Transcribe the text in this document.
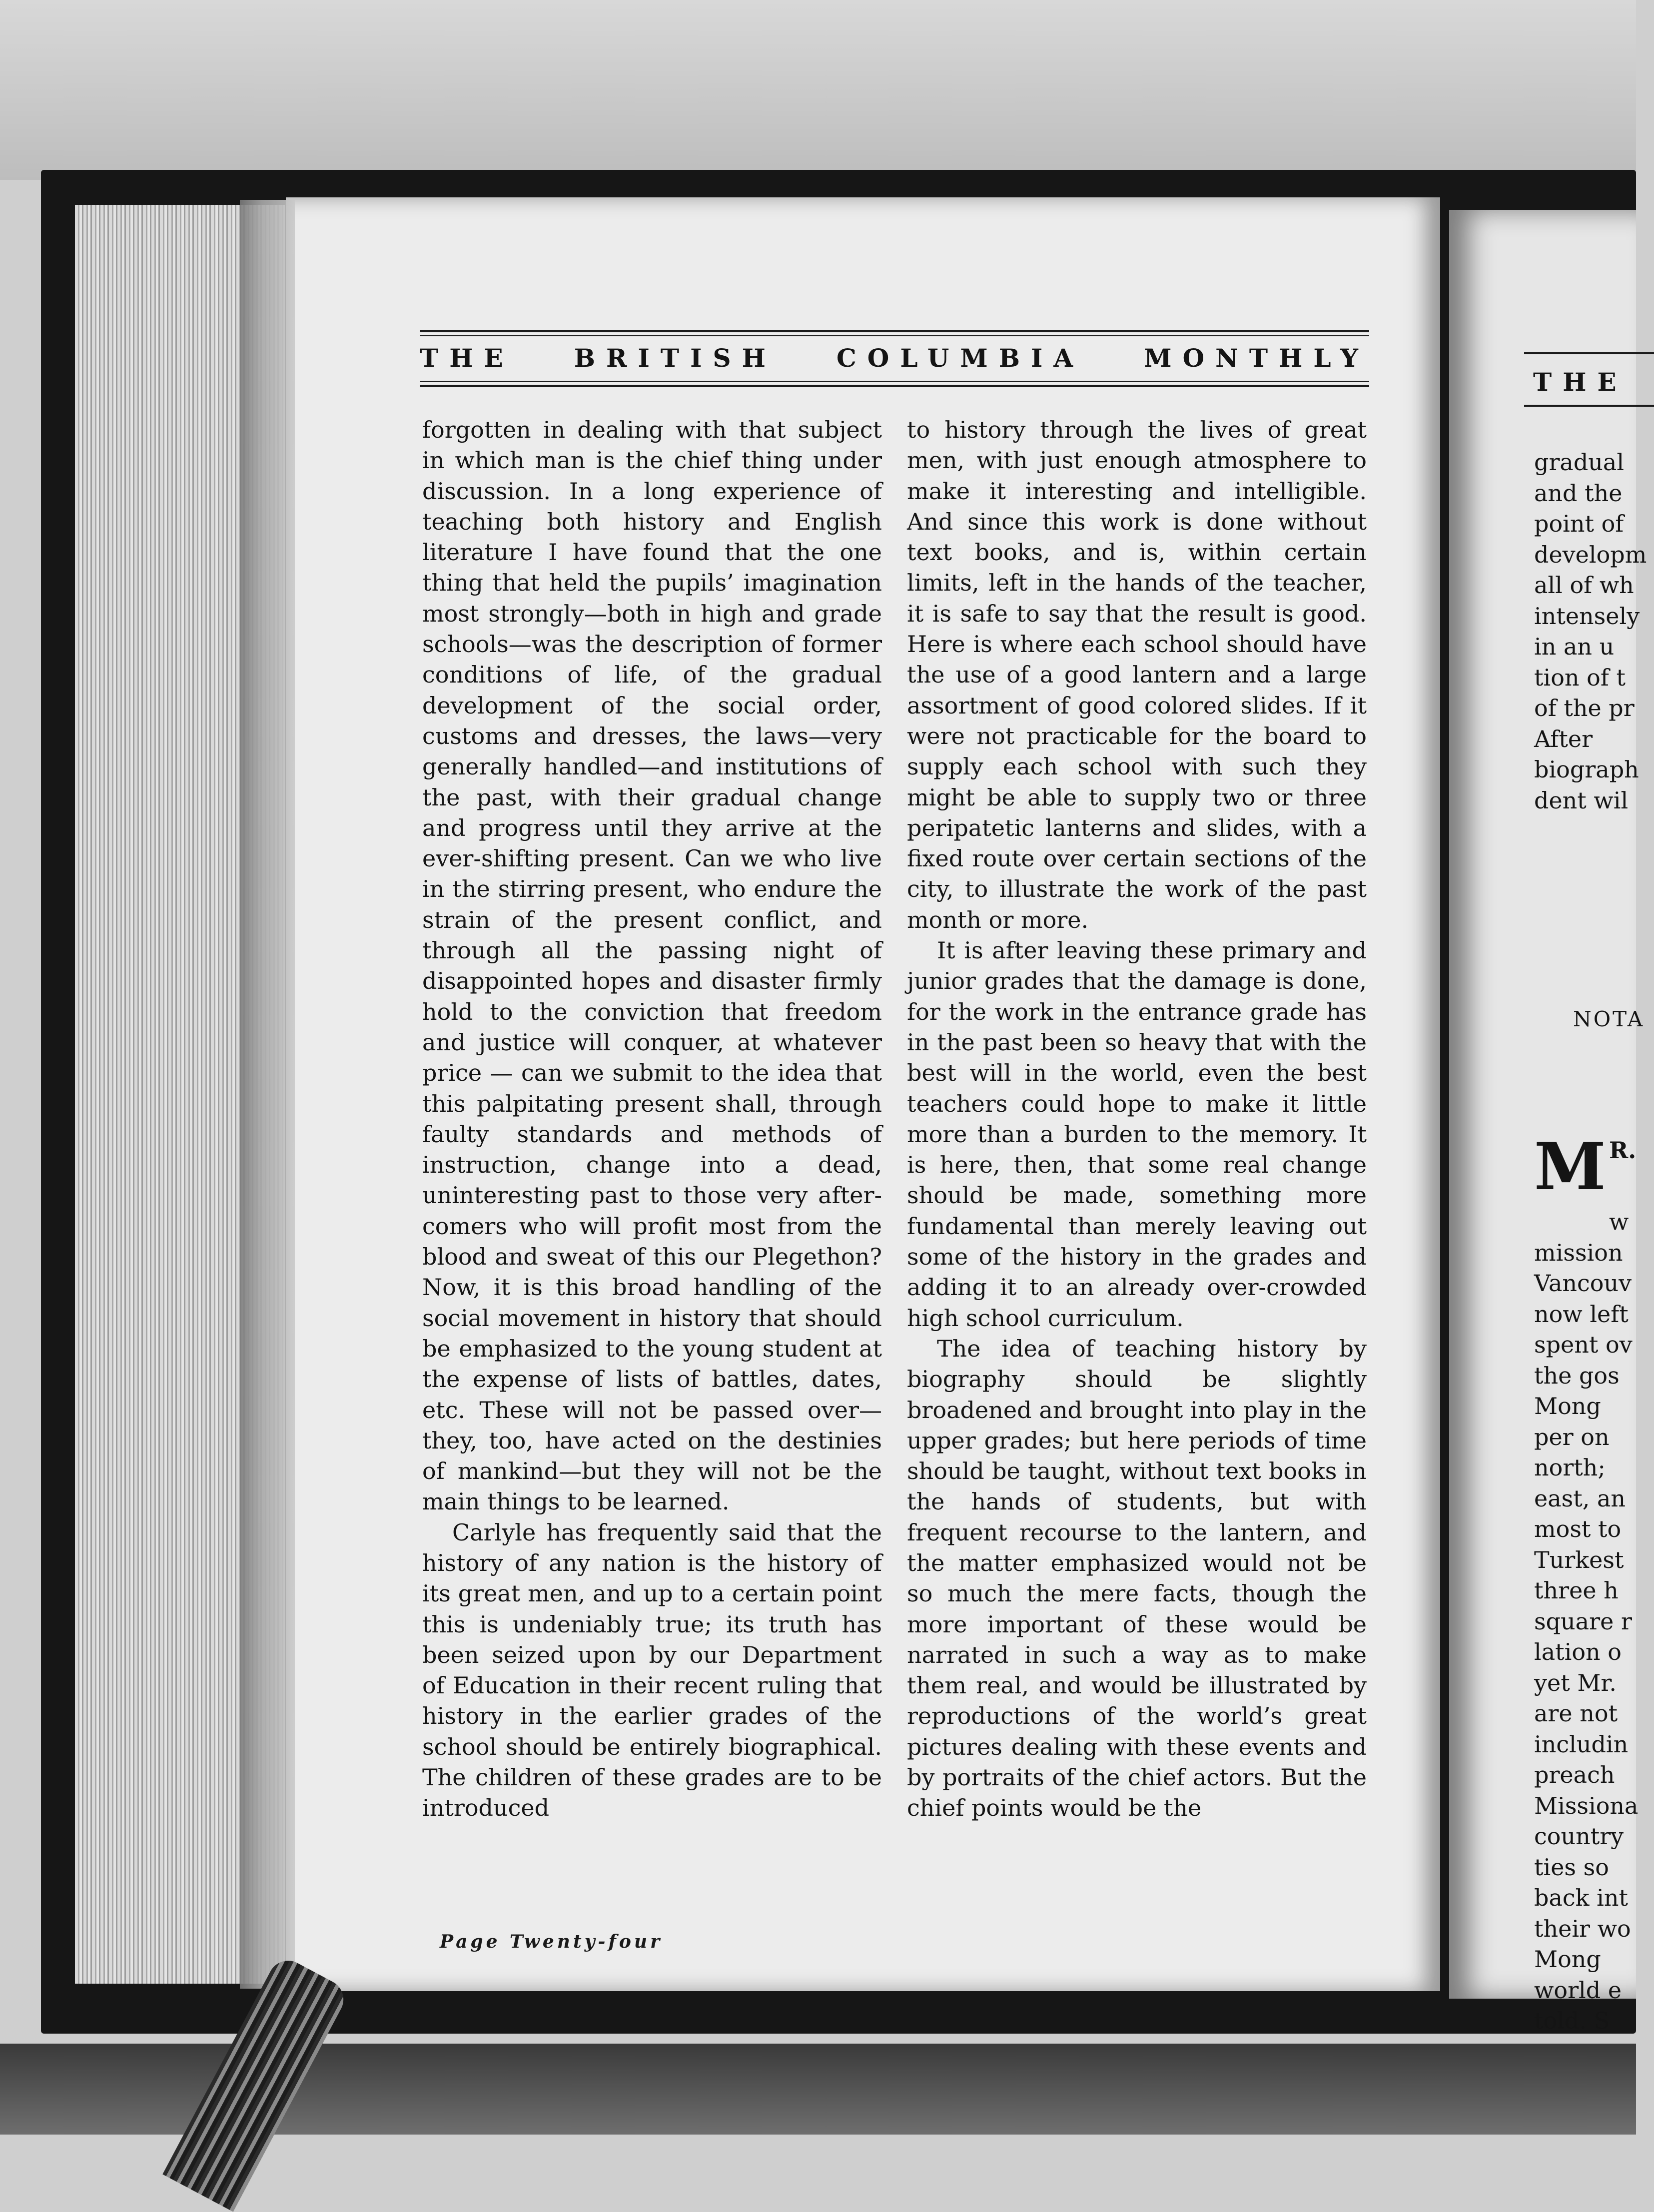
THE BRITISH COLUMBIA MONTHLY

forgotten in dealing with that subject in which man is the chief thing under discussion. In a long experience of teaching both history and English literature I have found that the one thing that held the pupils’ imagination most strongly—both in high and grade schools—was the description of former conditions of life, of the gradual development of the social order, customs and dresses, the laws—very generally handled—and institutions of the past, with their gradual change and progress until they arrive at the ever-shifting present. Can we who live in the stirring present, who endure the strain of the present conflict, and through all the passing night of disappointed hopes and disaster firmly hold to the conviction that freedom and justice will conquer, at whatever price — can we submit to the idea that this palpitating present shall, through faulty standards and methods of instruction, change into a dead, uninteresting past to those very after-comers who will profit most from the blood and sweat of this our Plegethon? Now, it is this broad handling of the social movement in history that should be emphasized to the young student at the expense of lists of battles, dates, etc. These will not be passed over—they, too, have acted on the destinies of mankind—but they will not be the main things to be learned.

Carlyle has frequently said that the history of any nation is the history of its great men, and up to a certain point this is undeniably true; its truth has been seized upon by our Department of Education in their recent ruling that history in the earlier grades of the school should be entirely biographical. The children of these grades are to be introduced

to history through the lives of great men, with just enough atmosphere to make it interesting and intelligible. And since this work is done without text books, and is, within certain limits, left in the hands of the teacher, it is safe to say that the result is good. Here is where each school should have the use of a good lantern and a large assortment of good colored slides. If it were not practicable for the board to supply each school with such they might be able to supply two or three peripatetic lanterns and slides, with a fixed route over certain sections of the city, to illustrate the work of the past month or more.

It is after leaving these primary and junior grades that the damage is done, for the work in the entrance grade has in the past been so heavy that with the best will in the world, even the best teachers could hope to make it little more than a burden to the memory. It is here, then, that some real change should be made, something more fundamental than merely leaving out some of the history in the grades and adding it to an already over-crowded high school curriculum.

The idea of teaching history by biography should be slightly broadened and brought into play in the upper grades; but here periods of time should be taught, without text books in the hands of students, but with frequent recourse to the lantern, and the matter emphasized would not be so much the mere facts, though the more important of these would be narrated in such a way as to make them real, and would be illustrated by reproductions of the world’s great pictures dealing with these events and by portraits of the chief actors. But the chief points would be the

Page Twenty-four
THE
gradual
and the
point of
developm
all of wh
intensely
in an u
tion of t
of the pr
After
biograph
dent wil
NOTA
M R.
w
mission
Vancouv
now left
spent ov
the gos
Mong
per on
north;
east, an
most to
Turkest
three h
square r
lation o
yet Mr.
are not
includin
preach
Missiona
country
ties so
back int
their wo
Mong
world e
told. S
